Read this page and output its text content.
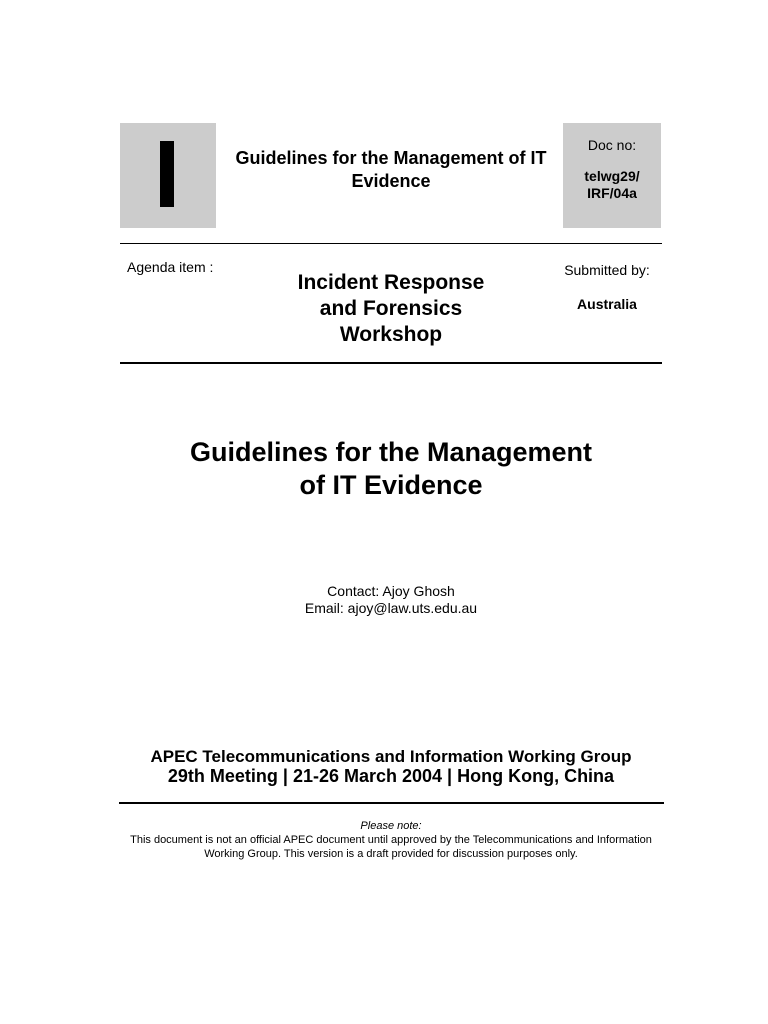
Guidelines for the Management of IT Evidence
Doc no:
telwg29/
IRF/04a
Agenda item :
Incident Response
and Forensics
Workshop
Submitted by:
Australia
Guidelines for the Management
of IT Evidence
Contact: Ajoy Ghosh
Email: ajoy@law.uts.edu.au
APEC Telecommunications and Information Working Group
29th Meeting | 21-26 March 2004 | Hong Kong, China
Please note:
This document is not an official APEC document until approved by the Telecommunications and Information
Working Group. This version is a draft provided for discussion purposes only.
